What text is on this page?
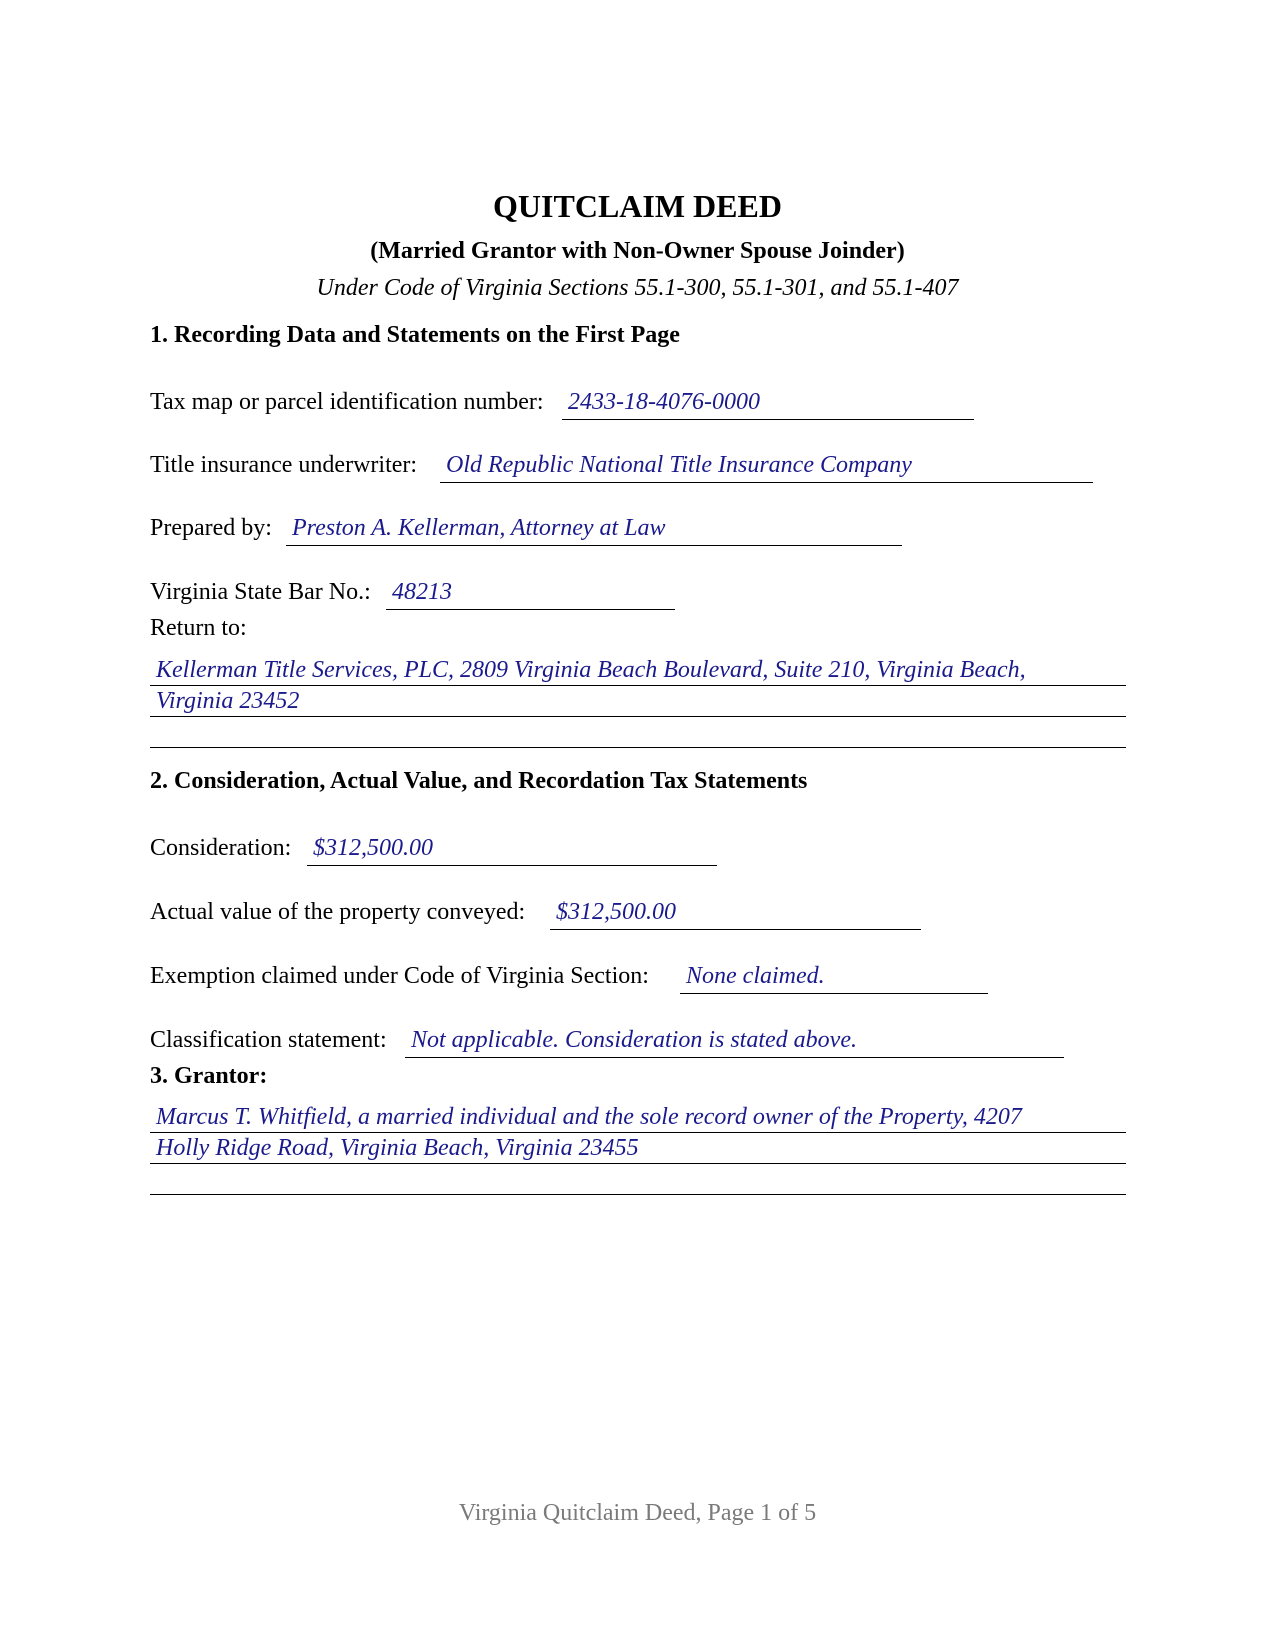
QUITCLAIM DEED
(Married Grantor with Non-Owner Spouse Joinder)
Under Code of Virginia Sections 55.1-300, 55.1-301, and 55.1-407
1. Recording Data and Statements on the First Page
Tax map or parcel identification number: 2433-18-4076-0000
Title insurance underwriter: Old Republic National Title Insurance Company
Prepared by: Preston A. Kellerman, Attorney at Law
Virginia State Bar No.: 48213
Return to:
Kellerman Title Services, PLC, 2809 Virginia Beach Boulevard, Suite 210, Virginia Beach,
Virginia 23452
2. Consideration, Actual Value, and Recordation Tax Statements
Consideration: $312,500.00
Actual value of the property conveyed: $312,500.00
Exemption claimed under Code of Virginia Section: None claimed.
Classification statement: Not applicable. Consideration is stated above.
3. Grantor:
Marcus T. Whitfield, a married individual and the sole record owner of the Property, 4207
Holly Ridge Road, Virginia Beach, Virginia 23455
Virginia Quitclaim Deed, Page 1 of 5
